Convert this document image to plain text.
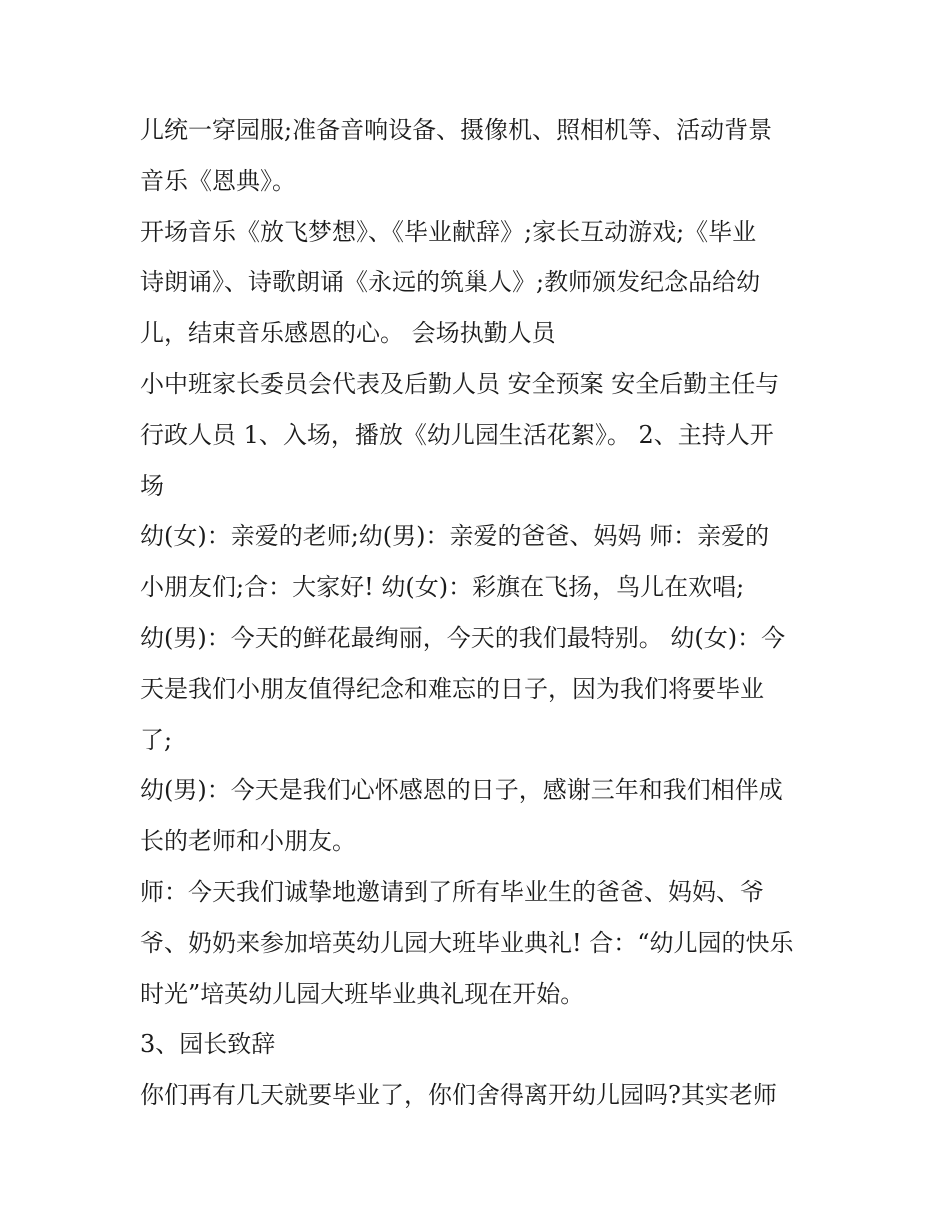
儿统一穿园服;准备音响设备、摄像机、照相机等、活动背景

音乐《恩典》。

开场音乐《放飞梦想》、《毕业献辞》;家长互动游戏;《毕业

诗朗诵》、诗歌朗诵《永远的筑巢人》;教师颁发纪念品给幼

儿，结束音乐感恩的心。 会场执勤人员

小中班家长委员会代表及后勤人员 安全预案 安全后勤主任与

行政人员 1、入场，播放《幼儿园生活花絮》。 2、主持人开

场

幼(女)：亲爱的老师;幼(男)：亲爱的爸爸、妈妈 师：亲爱的

小朋友们;合：大家好! 幼(女)：彩旗在飞扬，鸟儿在欢唱;

幼(男)：今天的鲜花最绚丽，今天的我们最特别。 幼(女)：今

天是我们小朋友值得纪念和难忘的日子，因为我们将要毕业

了;

幼(男)：今天是我们心怀感恩的日子，感谢三年和我们相伴成

长的老师和小朋友。

师：今天我们诚挚地邀请到了所有毕业生的爸爸、妈妈、爷

爷、奶奶来参加培英幼儿园大班毕业典礼! 合：“幼儿园的快乐

时光”培英幼儿园大班毕业典礼现在开始。

3、园长致辞

你们再有几天就要毕业了，你们舍得离开幼儿园吗?其实老师
